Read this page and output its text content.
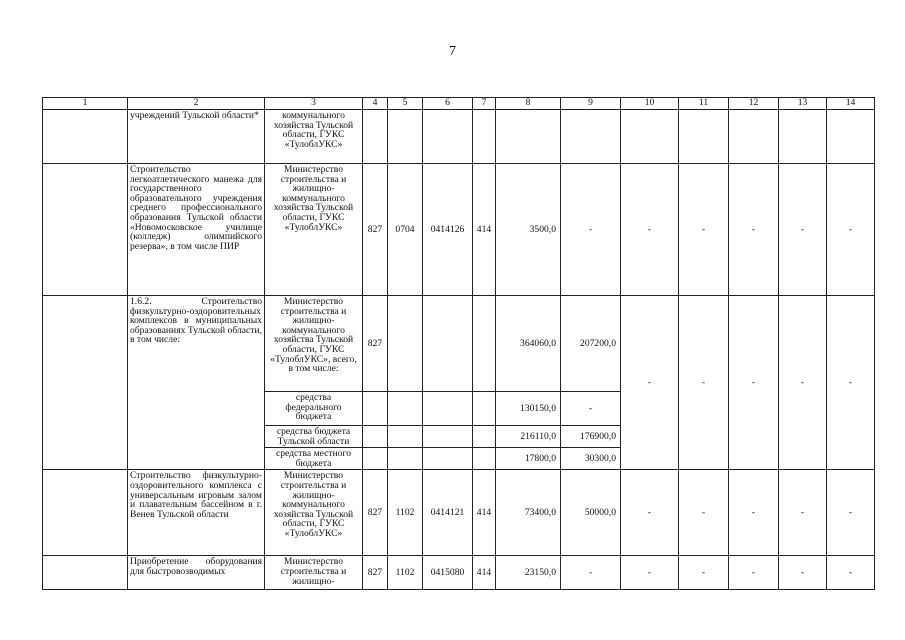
7
1	2	3	4	5	6	7	8	9	10	11	12	13	14
	учреждений Тульской области*	коммунального хозяйства Тульской области, ГУКС «ТулоблУКС»											
	Строительство легкоатлетического манежа для государственного образовательного учреждения среднего профессионального образования Тульской области «Новомосковское училище (колледж) олимпийского резерва», в том числе ПИР	Министерство строительства и жилищно-коммунального хозяйства Тульской области, ГУКС «ТулоблУКС»	827	0704	0414126	414	3500,0	-	-	-	-	-	-
	1.6.2. Строительство физкультурно-оздоровительных комплексов в муниципальных образованиях Тульской области, в том числе:	Министерство строительства и жилищно-коммунального хозяйства Тульской области, ГУКС «ТулоблУКС», всего, в том числе:	827				364060,0	207200,0	-	-	-	-	-
		средства федерального бюджета					130150,0	-					
		средства бюджета Тульской области					216110,0	176900,0					
		средства местного бюджета					17800,0	30300,0					
	Строительство физкультурно-оздоровительного комплекса с универсальным игровым залом и плавательным бассейном в г. Венев Тульской области	Министерство строительства и жилищно-коммунального хозяйства Тульской области, ГУКС «ТулоблУКС»	827	1102	0414121	414	73400,0	50000,0	-	-	-	-	-
	Приобретение оборудования для быстровозводимых	Министерство строительства и жилищно-	827	1102	0415080	414	23150,0	-	-	-	-	-	-
